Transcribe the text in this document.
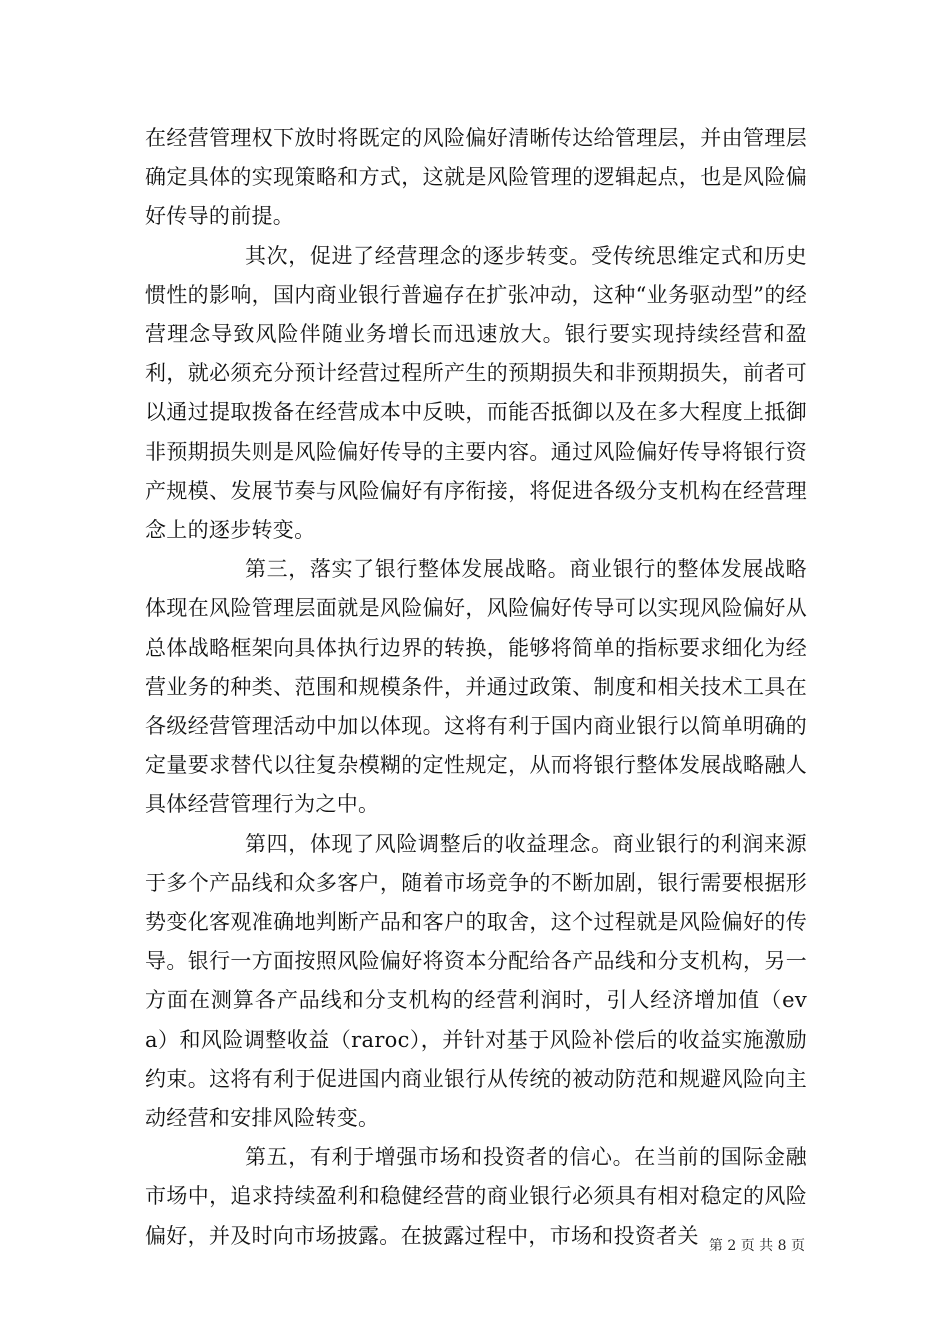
在经营管理权下放时将既定的风险偏好清晰传达给管理层，并由管理层确定具体的实现策略和方式，这就是风险管理的逻辑起点，也是风险偏好传导的前提。

其次，促进了经营理念的逐步转变。受传统思维定式和历史惯性的影响，国内商业银行普遍存在扩张冲动，这种“业务驱动型”的经营理念导致风险伴随业务增长而迅速放大。银行要实现持续经营和盈利，就必须充分预计经营过程所产生的预期损失和非预期损失，前者可以通过提取拨备在经营成本中反映，而能否抵御以及在多大程度上抵御非预期损失则是风险偏好传导的主要内容。通过风险偏好传导将银行资产规模、发展节奏与风险偏好有序衔接，将促进各级分支机构在经营理念上的逐步转变。

第三，落实了银行整体发展战略。商业银行的整体发展战略体现在风险管理层面就是风险偏好，风险偏好传导可以实现风险偏好从总体战略框架向具体执行边界的转换，能够将简单的指标要求细化为经营业务的种类、范围和规模条件，并通过政策、制度和相关技术工具在各级经营管理活动中加以体现。这将有利于国内商业银行以简单明确的定量要求替代以往复杂模糊的定性规定，从而将银行整体发展战略融人具体经营管理行为之中。

第四，体现了风险调整后的收益理念。商业银行的利润来源于多个产品线和众多客户，随着市场竞争的不断加剧，银行需要根据形势变化客观准确地判断产品和客户的取舍，这个过程就是风险偏好的传导。银行一方面按照风险偏好将资本分配给各产品线和分支机构，另一方面在测算各产品线和分支机构的经营利润时，引人经济增加值（eva）和风险调整收益（raroc），并针对基于风险补偿后的收益实施激励约束。这将有利于促进国内商业银行从传统的被动防范和规避风险向主动经营和安排风险转变。

第五，有利于增强市场和投资者的信心。在当前的国际金融市场中，追求持续盈利和稳健经营的商业银行必须具有相对稳定的风险偏好，并及时向市场披露。在披露过程中，市场和投资者关 第 2 页 共 8 页
